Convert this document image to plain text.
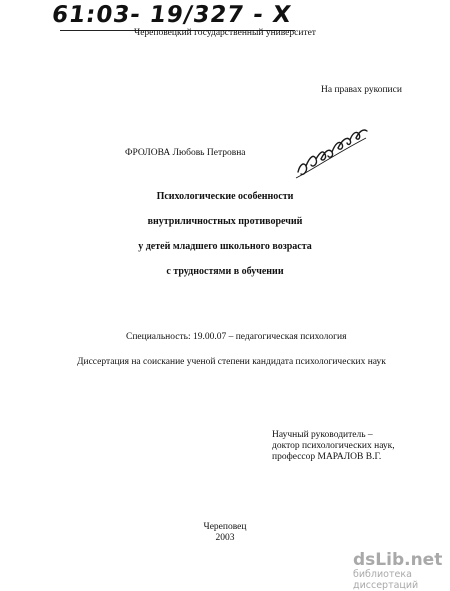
61:03- 19/327 - X
Череповецкий государственный университет
На правах рукописи
ФРОЛОВА Любовь Петровна
Психологические особенности
внутриличностных противоречий
у детей младшего школьного возраста
с трудностями в обучении
Специальность: 19.00.07 – педагогическая психология
Диссертация на соискание ученой степени кандидата психологических наук
Научный руководитель –
доктор психологических наук,
профессор МАРАЛОВ В.Г.
Череповец
2003
dsLib.net
библиотека диссертаций
